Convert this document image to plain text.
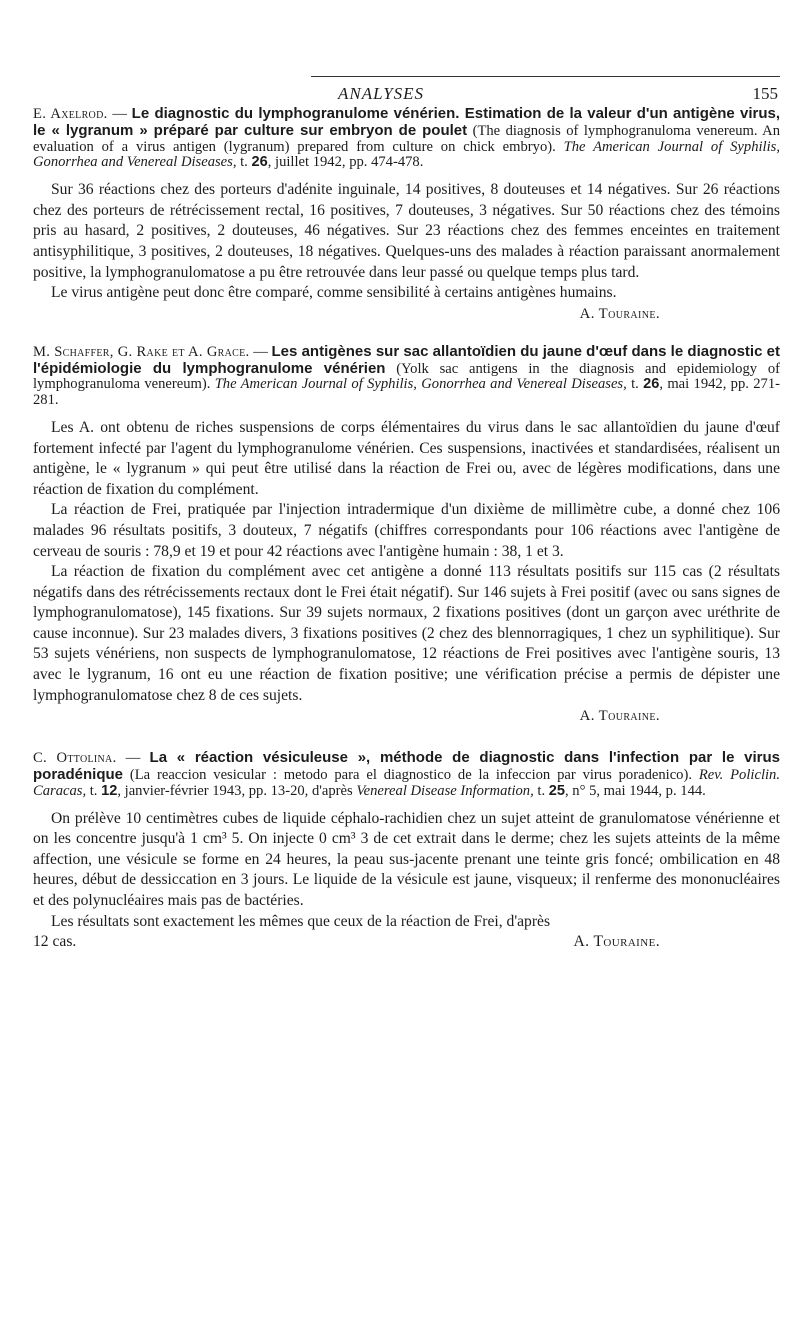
ANALYSES	155

E. Axelrod. — Le diagnostic du lymphogranulome vénérien. Estimation de la valeur d'un antigène virus, le « lygranum » préparé par culture sur embryon de poulet (The diagnosis of lymphogranuloma venereum. An evaluation of a virus antigen (lygranum) prepared from culture on chick embryo). The American Journal of Syphilis, Gonorrhea and Venereal Diseases, t. 26, juillet 1942, pp. 474-478.

Sur 36 réactions chez des porteurs d'adénite inguinale, 14 positives, 8 douteuses et 14 négatives. Sur 26 réactions chez des porteurs de rétrécissement rectal, 16 positives, 7 douteuses, 3 négatives. Sur 50 réactions chez des témoins pris au hasard, 2 positives, 2 douteuses, 46 négatives. Sur 23 réactions chez des femmes enceintes en traitement antisyphilitique, 3 positives, 2 douteuses, 18 négatives. Quelques-uns des malades à réaction paraissant anormalement positive, la lymphogranulomatose a pu être retrouvée dans leur passé ou quelque temps plus tard.

Le virus antigène peut donc être comparé, comme sensibilité à certains antigènes humains.

A. Touraine.

M. Schaffer, G. Rake et A. Grace. — Les antigènes sur sac allantoïdien du jaune d'œuf dans le diagnostic et l'épidémiologie du lymphogranulome vénérien (Yolk sac antigens in the diagnosis and epidemiology of lymphogranuloma venereum). The American Journal of Syphilis, Gonorrhea and Venereal Diseases, t. 26, mai 1942, pp. 271-281.

Les A. ont obtenu de riches suspensions de corps élémentaires du virus dans le sac allantoïdien du jaune d'œuf fortement infecté par l'agent du lymphogranulome vénérien. Ces suspensions, inactivées et standardisées, réalisent un antigène, le « lygranum » qui peut être utilisé dans la réaction de Frei ou, avec de légères modifications, dans une réaction de fixation du complément.

La réaction de Frei, pratiquée par l'injection intradermique d'un dixième de millimètre cube, a donné chez 106 malades 96 résultats positifs, 3 douteux, 7 négatifs (chiffres correspondants pour 106 réactions avec l'antigène de cerveau de souris : 78,9 et 19 et pour 42 réactions avec l'antigène humain : 38, 1 et 3.

La réaction de fixation du complément avec cet antigène a donné 113 résultats positifs sur 115 cas (2 résultats négatifs dans des rétrécissements rectaux dont le Frei était négatif). Sur 146 sujets à Frei positif (avec ou sans signes de lymphogranulomatose), 145 fixations. Sur 39 sujets normaux, 2 fixations positives (dont un garçon avec uréthrite de cause inconnue). Sur 23 malades divers, 3 fixations positives (2 chez des blennorragiques, 1 chez un syphilitique). Sur 53 sujets vénériens, non suspects de lymphogranulomatose, 12 réactions de Frei positives avec l'antigène souris, 13 avec le lygranum, 16 ont eu une réaction de fixation positive; une vérification précise a permis de dépister une lymphogranulomatose chez 8 de ces sujets.

A. Touraine.

C. Ottolina. — La « réaction vésiculeuse », méthode de diagnostic dans l'infection par le virus poradénique (La reaccion vesicular : metodo para el diagnostico de la infeccion par virus poradenico). Rev. Policlin. Caracas, t. 12, janvier-février 1943, pp. 13-20, d'après Venereal Disease Information, t. 25, n° 5, mai 1944, p. 144.

On prélève 10 centimètres cubes de liquide céphalo-rachidien chez un sujet atteint de granulomatose vénérienne et on les concentre jusqu'à 1 cm³ 5. On injecte 0 cm³ 3 de cet extrait dans le derme; chez les sujets atteints de la même affection, une vésicule se forme en 24 heures, la peau sus-jacente prenant une teinte gris foncé; ombilication en 48 heures, début de dessiccation en 3 jours. Le liquide de la vésicule est jaune, visqueux; il renferme des mononucléaires et des polynucléaires mais pas de bactéries.

Les résultats sont exactement les mêmes que ceux de la réaction de Frei, d'après

12 cas.	A. Touraine.
